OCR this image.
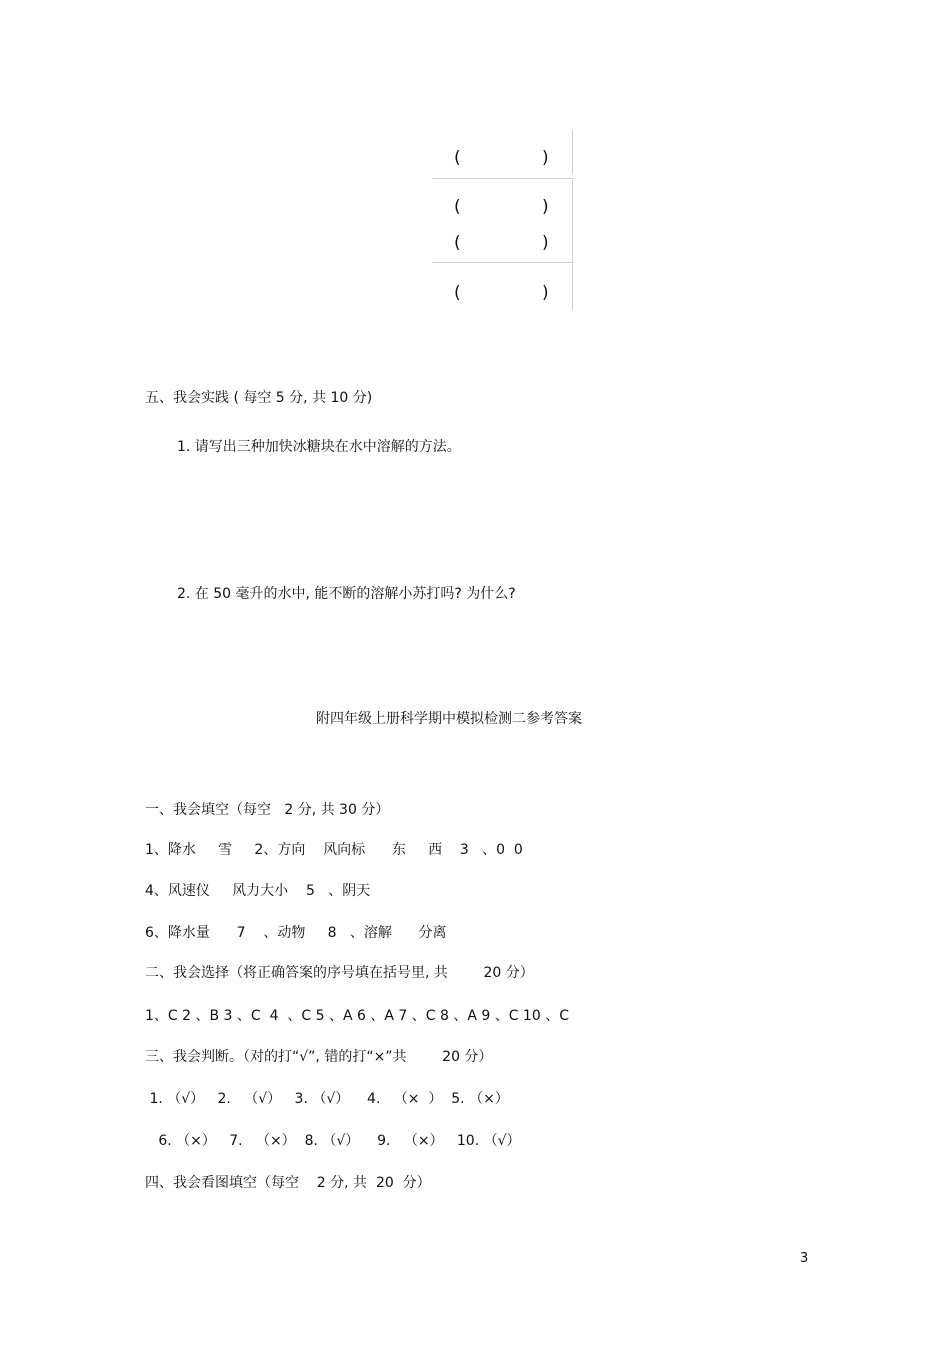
(	)
(	)
(	)
(	)
五、我会实践 ( 每空 5 分, 共 10 分)
1. 请写出三种加快冰糖块在水中溶解的方法。
2. 在 50 毫升的水中, 能不断的溶解小苏打吗? 为什么?
附四年级上册科学期中模拟检测二参考答案
一、我会填空（每空   2 分, 共 30 分）
1、降水     雪     2、方向    风向标      东     西    3   、0  0
4、风速仪     风力大小    5   、阴天
6、降水量      7    、动物     8   、溶解      分离
二、我会选择（将正确答案的序号填在括号里, 共        20 分）
1、C 2 、B 3 、C  4  、C 5 、A 6 、A 7 、C 8 、A 9 、C 10 、C
三、我会判断。（对的打“√”, 错的打“×”共        20 分）
1. （√）   2.   （√）   3. （√）    4.   （×  ）  5. （×）
6. （×）   7.   （×）  8. （√）    9.   （×）   10. （√）
四、我会看图填空（每空    2 分, 共  20  分）
3
